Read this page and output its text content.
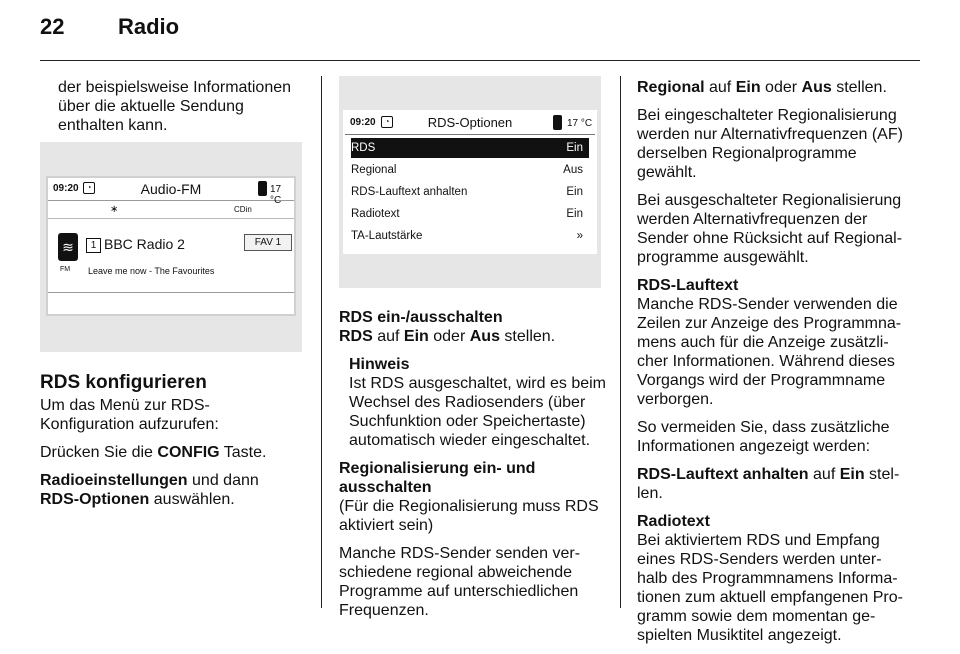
22 Radio

der beispielsweise Informationen über die aktuelle Sendung enthalten kann.

09:20	◔	Audio-FM	17 °C
∗	CDin
≋	1 BBC Radio 2	FAV 1
FM Leave me now - The Favourites
RDS konfigurieren

Um das Menü zur RDS-Konfiguration aufzurufen:

Drücken Sie die CONFIG Taste.

Radioeinstellungen und dann RDS-Optionen auswählen.

09:20	◔	RDS-Optionen	17 °C
RDS	Ein
Regional	Aus
RDS-Lauftext anhalten	Ein
Radiotext	Ein
TA-Lautstärke	»
RDS ein-/ausschalten

RDS auf Ein oder Aus stellen.

Hinweis

Ist RDS ausgeschaltet, wird es beim Wechsel des Radiosenders (über Suchfunktion oder Speichertaste) automatisch wieder eingeschaltet.

Regionalisierung ein- und ausschalten

(Für die Regionalisierung muss RDS aktiviert sein)

Manche RDS-Sender senden verschiedene regional abweichende Programme auf unterschiedlichen Frequenzen.

Regional auf Ein oder Aus stellen.

Bei eingeschalteter Regionalisierung werden nur Alternativfrequenzen (AF) derselben Regionalprogramme gewählt.

Bei ausgeschalteter Regionalisierung werden Alternativfrequenzen der Sender ohne Rücksicht auf Regionalprogramme ausgewählt.

RDS-Lauftext

Manche RDS-Sender verwenden die Zeilen zur Anzeige des Programmnamens auch für die Anzeige zusätzlicher Informationen. Während dieses Vorgangs wird der Programmname verborgen.

So vermeiden Sie, dass zusätzliche Informationen angezeigt werden:

RDS-Lauftext anhalten auf Ein stellen.

Radiotext

Bei aktiviertem RDS und Empfang eines RDS-Senders werden unterhalb des Programmnamens Informationen zum aktuell empfangenen Programm sowie dem momentan gespielten Musiktitel angezeigt.
